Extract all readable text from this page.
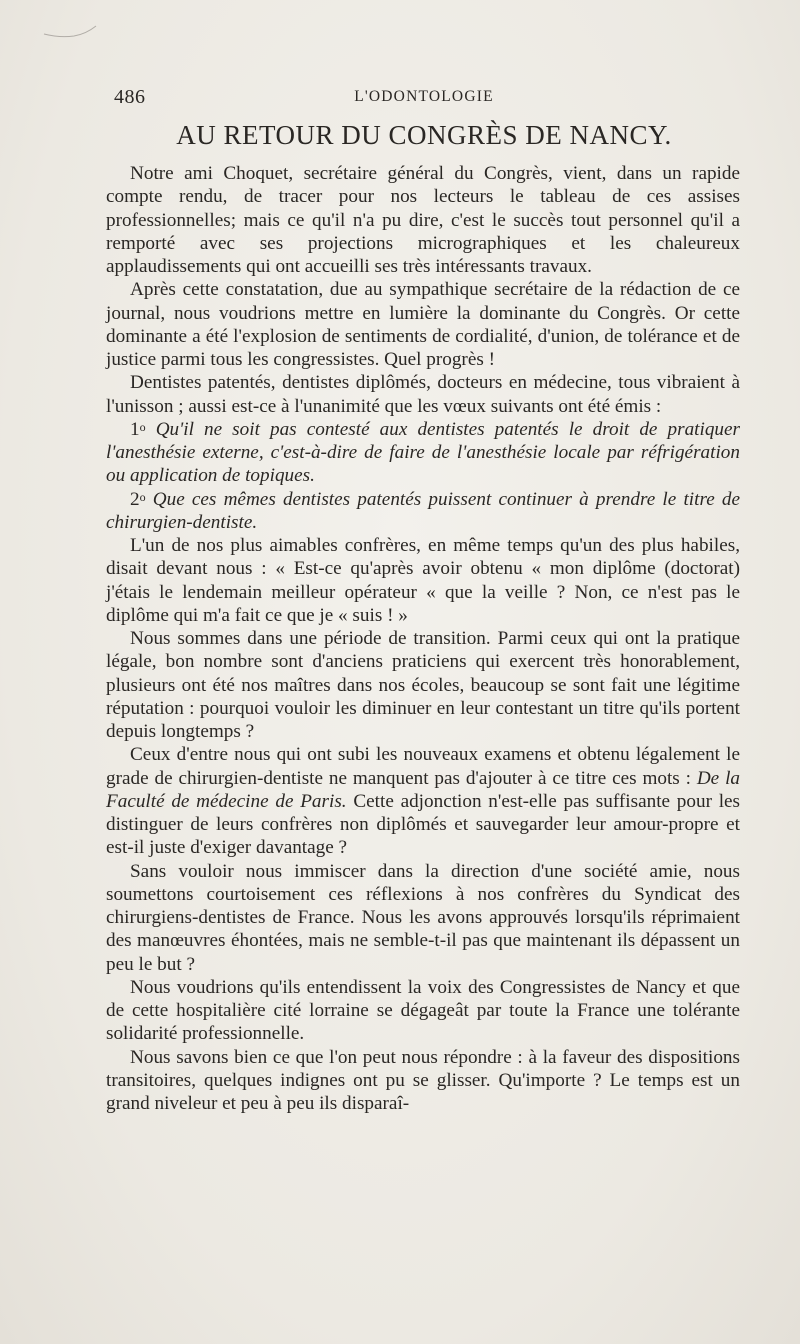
486	L'ODONTOLOGIE
AU RETOUR DU CONGRÈS DE NANCY.

Notre ami Choquet, secrétaire général du Congrès, vient, dans un rapide compte rendu, de tracer pour nos lecteurs le tableau de ces assises professionnelles; mais ce qu'il n'a pu dire, c'est le succès tout personnel qu'il a remporté avec ses projections micrographiques et les chaleureux applaudissements qui ont accueilli ses très intéressants travaux.

Après cette constatation, due au sympathique secrétaire de la rédaction de ce journal, nous voudrions mettre en lumière la dominante du Congrès. Or cette dominante a été l'explosion de sentiments de cordialité, d'union, de tolérance et de justice parmi tous les congressistes. Quel progrès !

Dentistes patentés, dentistes diplômés, docteurs en médecine, tous vibraient à l'unisson ; aussi est-ce à l'unanimité que les vœux suivants ont été émis :

1$^o$ Qu'il ne soit pas contesté aux dentistes patentés le droit de pratiquer l'anesthésie externe, c'est-à-dire de faire de l'anesthésie locale par réfrigération ou application de topiques.

2$^o$ Que ces mêmes dentistes patentés puissent continuer à prendre le titre de chirurgien-dentiste.

L'un de nos plus aimables confrères, en même temps qu'un des plus habiles, disait devant nous : « Est-ce qu'après avoir obtenu « mon diplôme (doctorat) j'étais le lendemain meilleur opérateur « que la veille ? Non, ce n'est pas le diplôme qui m'a fait ce que je « suis ! »

Nous sommes dans une période de transition. Parmi ceux qui ont la pratique légale, bon nombre sont d'anciens praticiens qui exercent très honorablement, plusieurs ont été nos maîtres dans nos écoles, beaucoup se sont fait une légitime réputation : pourquoi vouloir les diminuer en leur contestant un titre qu'ils portent depuis longtemps ?

Ceux d'entre nous qui ont subi les nouveaux examens et obtenu légalement le grade de chirurgien-dentiste ne manquent pas d'ajouter à ce titre ces mots : De la Faculté de médecine de Paris. Cette adjonction n'est-elle pas suffisante pour les distinguer de leurs confrères non diplômés et sauvegarder leur amour-propre et est-il juste d'exiger davantage ?

Sans vouloir nous immiscer dans la direction d'une société amie, nous soumettons courtoisement ces réflexions à nos confrères du Syndicat des chirurgiens-dentistes de France. Nous les avons approuvés lorsqu'ils réprimaient des manœuvres éhontées, mais ne semble-t-il pas que maintenant ils dépassent un peu le but ?

Nous voudrions qu'ils entendissent la voix des Congressistes de Nancy et que de cette hospitalière cité lorraine se dégageât par toute la France une tolérante solidarité professionnelle.

Nous savons bien ce que l'on peut nous répondre : à la faveur des dispositions transitoires, quelques indignes ont pu se glisser. Qu'importe ? Le temps est un grand niveleur et peu à peu ils disparaî-
